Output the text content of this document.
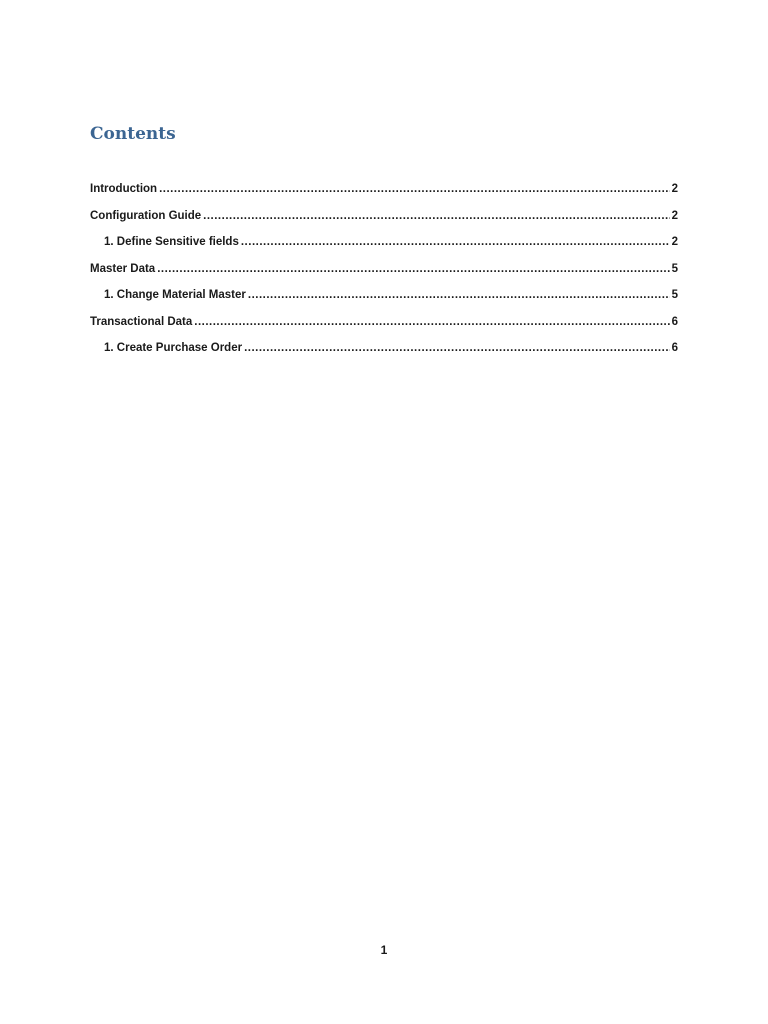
Contents
Introduction .....	2
Configuration Guide .....	2
1. Define Sensitive fields .....	2
Master Data .....	5
1. Change Material Master .....	5
Transactional Data .....	6
1. Create Purchase Order .....	6
1
